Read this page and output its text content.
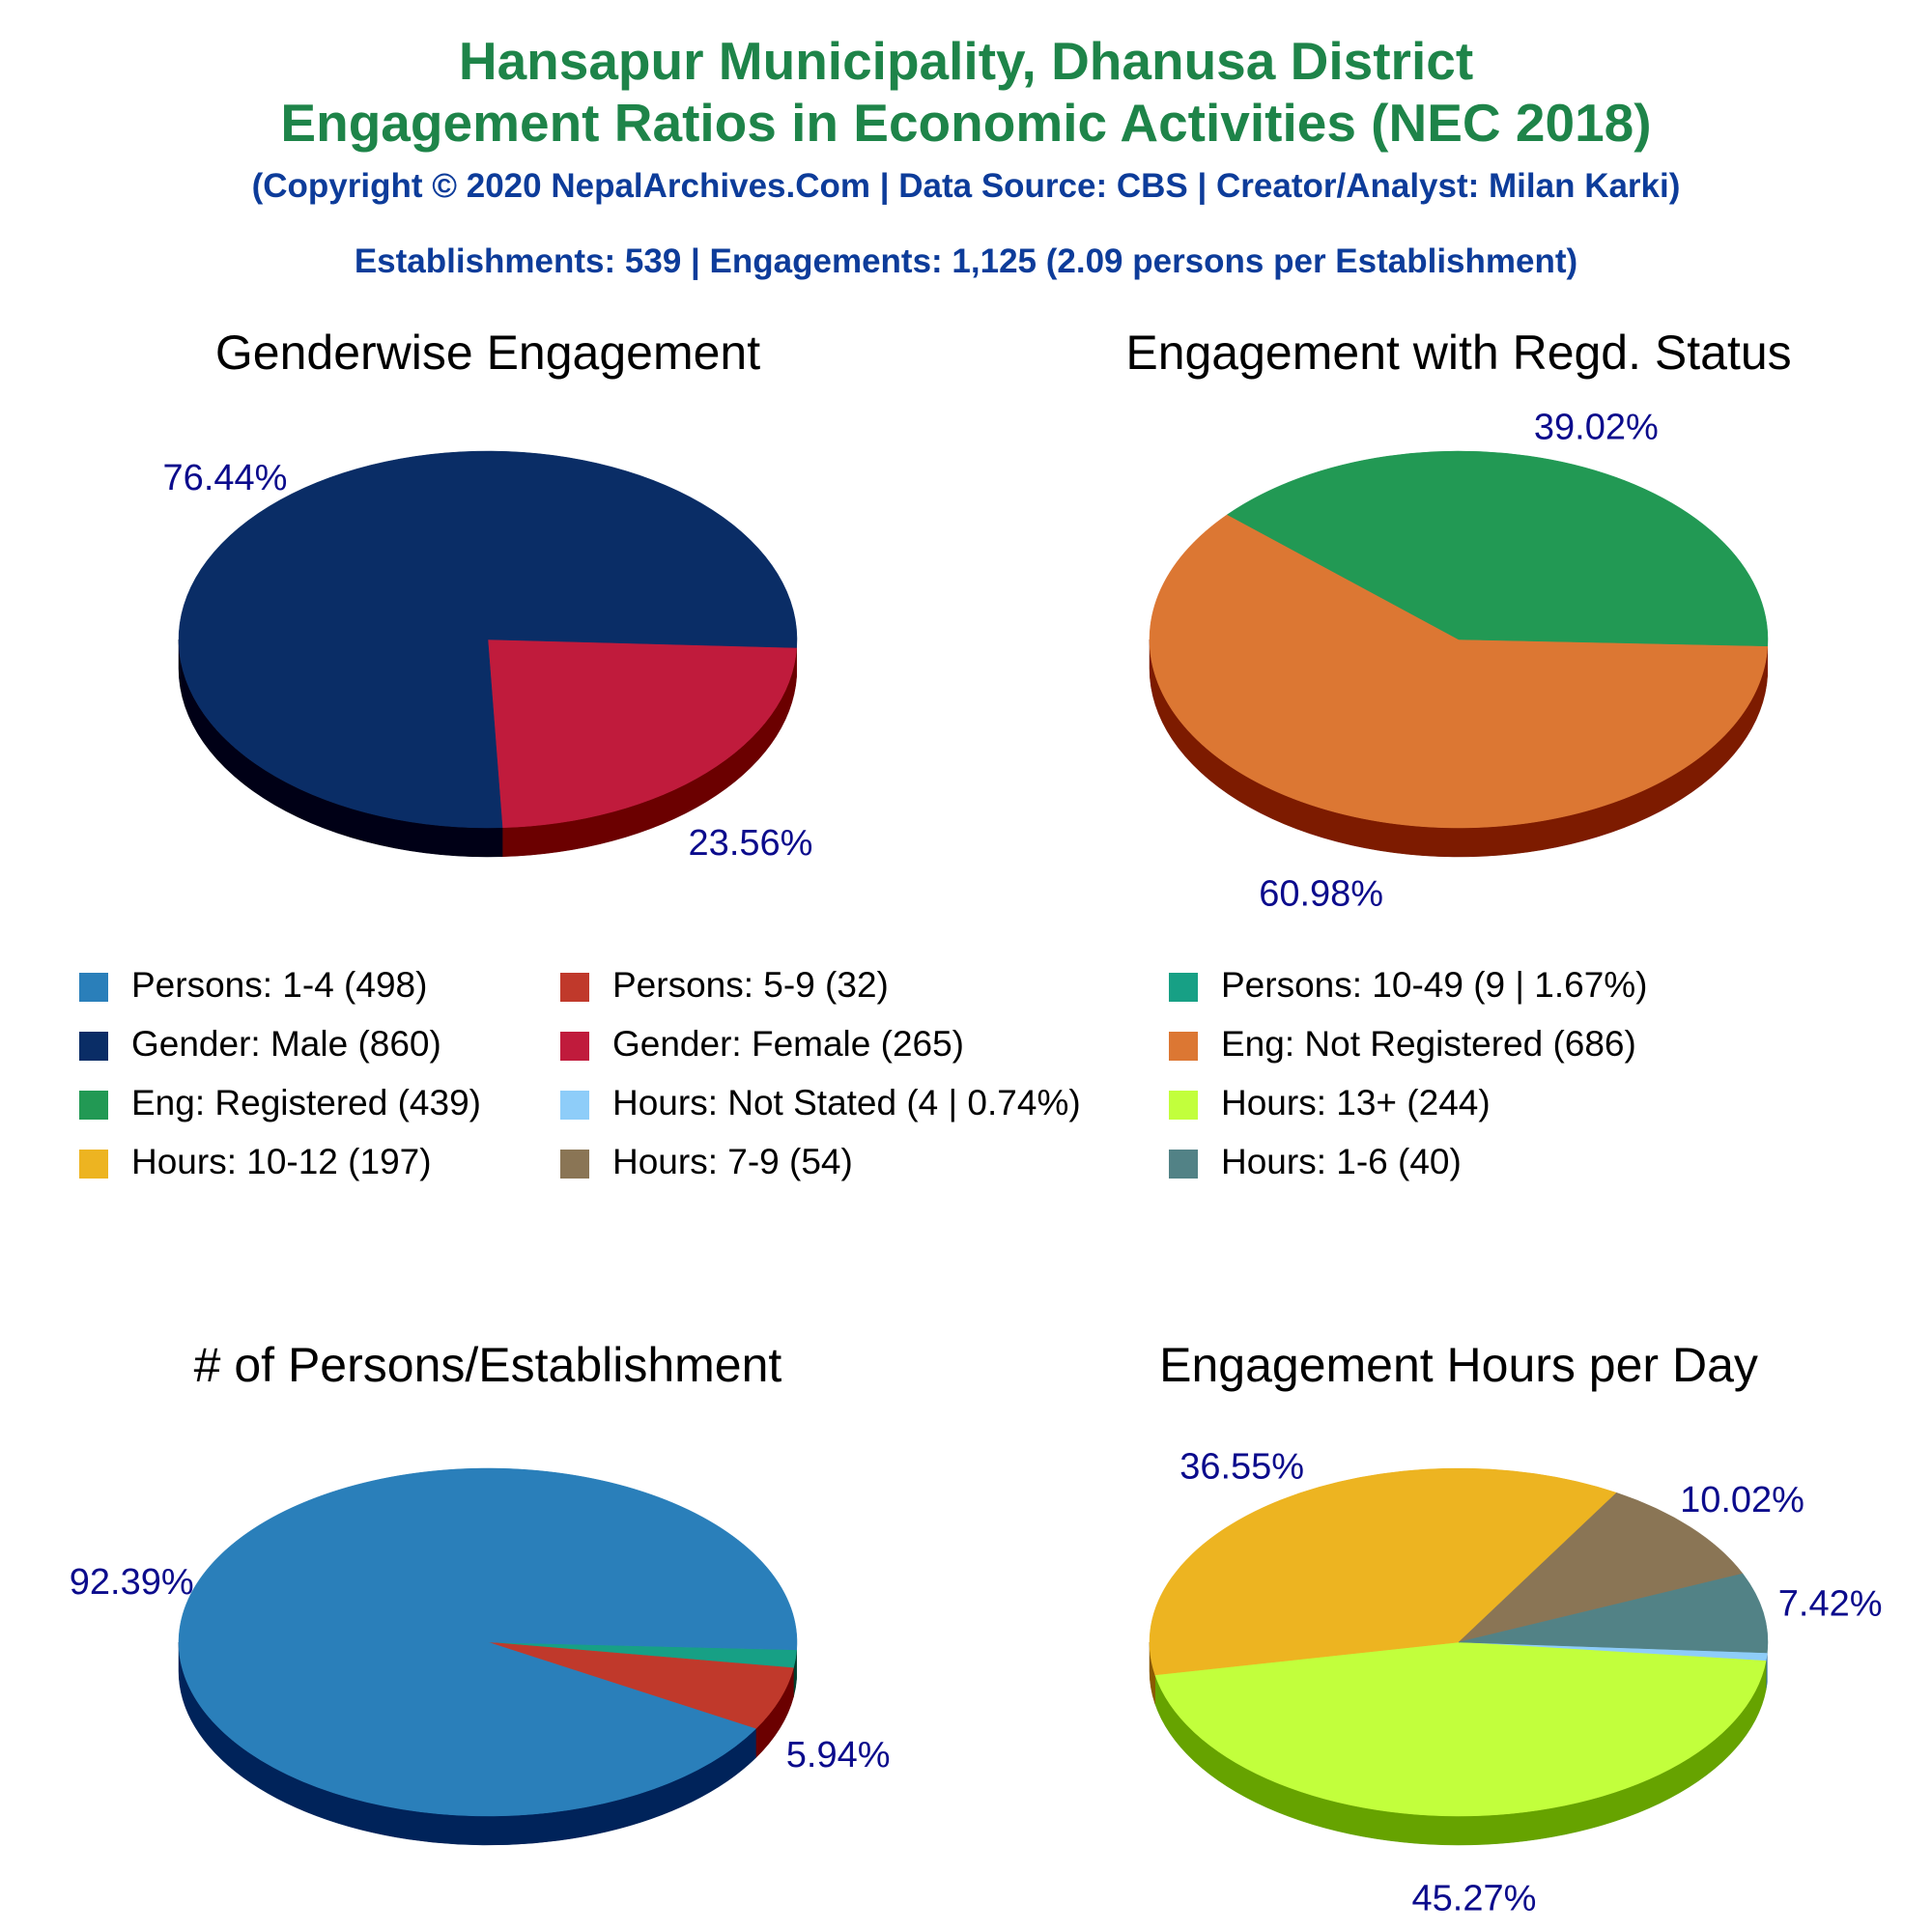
Hansapur Municipality, Dhanusa District
Engagement Ratios in Economic Activities (NEC 2018)
(Copyright © 2020 NepalArchives.Com | Data Source: CBS | Creator/Analyst: Milan Karki)
Establishments: 539 | Engagements: 1,125 (2.09 persons per Establishment)
Genderwise Engagement	Engagement with Regd. Status
# of Persons/Establishment	Engagement Hours per Day
23.56%
76.44%
60.98%
39.02%
5.94%
92.39%
45.27%
36.55%
10.02%
7.42%
Persons: 1-4 (498)	Persons: 5-9 (32)	Persons: 10-49 (9 | 1.67%)
Gender: Male (860)	Gender: Female (265)	Eng: Not Registered (686)
Eng: Registered (439)	Hours: Not Stated (4 | 0.74%)	Hours: 13+ (244)
Hours: 10-12 (197)	Hours: 7-9 (54)	Hours: 1-6 (40)
